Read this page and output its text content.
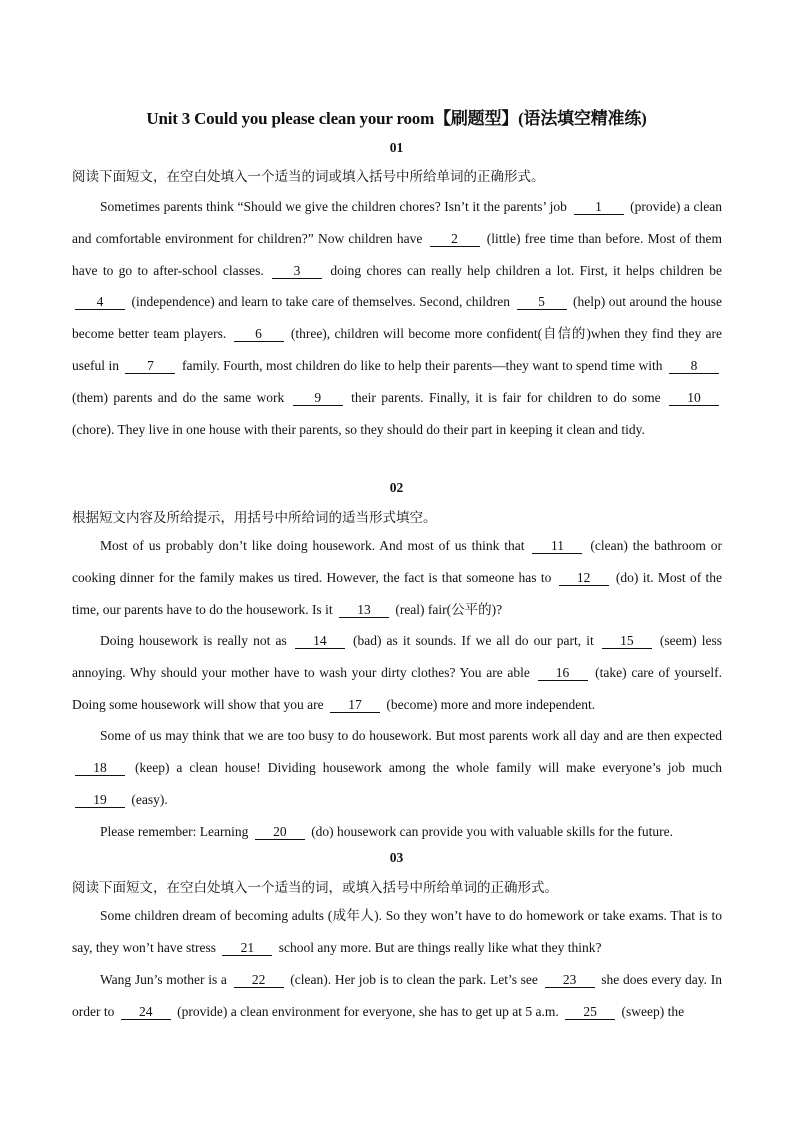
Unit 3 Could you please clean your room【刷题型】(语法填空精准练)
01
阅读下面短文，在空白处填入一个适当的词或填入括号中所给单词的正确形式。
Sometimes parents think “Should we give the children chores? Isn’t it the parents’ job 1 (provide) a clean and comfortable environment for children?” Now children have 2 (little) free time than before. Most of them have to go to after-school classes. 3 doing chores can really help children a lot. First, it helps children be 4 (independence) and learn to take care of themselves. Second, children 5 (help) out around the house become better team players. 6 (three), children will become more confident(自信的)when they find they are useful in 7 family. Fourth, most children do like to help their parents—they want to spend time with 8 (them) parents and do the same work 9 their parents. Finally, it is fair for children to do some 10 (chore). They live in one house with their parents, so they should do their part in keeping it clean and tidy.
02
根据短文内容及所给提示，用括号中所给词的适当形式填空。
Most of us probably don’t like doing housework. And most of us think that 11 (clean) the bathroom or cooking dinner for the family makes us tired. However, the fact is that someone has to 12 (do) it. Most of the time, our parents have to do the housework. Is it 13 (real) fair(公平的)?
Doing housework is really not as 14 (bad) as it sounds. If we all do our part, it 15 (seem) less annoying. Why should your mother have to wash your dirty clothes? You are able 16 (take) care of yourself. Doing some housework will show that you are 17 (become) more and more independent.
Some of us may think that we are too busy to do housework. But most parents work all day and are then expected 18 (keep) a clean house! Dividing housework among the whole family will make everyone’s job much 19 (easy).
Please remember: Learning 20 (do) housework can provide you with valuable skills for the future.
03
阅读下面短文，在空白处填入一个适当的词，或填入括号中所给单词的正确形式。
Some children dream of becoming adults (成年人). So they won’t have to do homework or take exams. That is to say, they won’t have stress 21 school any more. But are things really like what they think?
Wang Jun’s mother is a 22 (clean). Her job is to clean the park. Let’s see 23 she does every day. In order to 24 (provide) a clean environment for everyone, she has to get up at 5 a.m. 25 (sweep) the
